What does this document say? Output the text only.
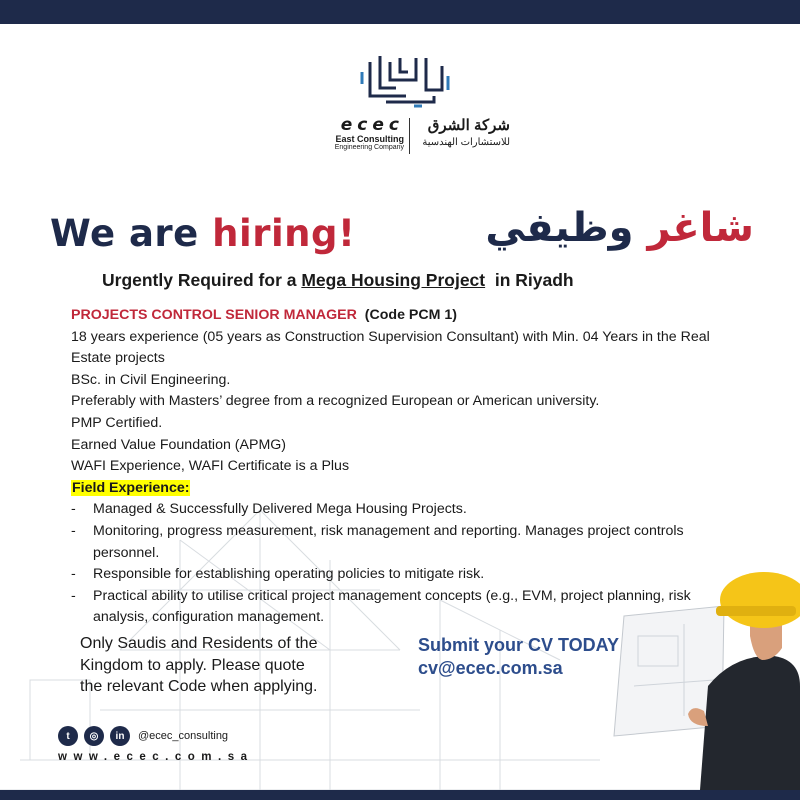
ecec
East Consulting
Engineering Company
شركة الشرق
للاستشارات الهندسية
We are hiring!	شاغر وظيفي
Urgently Required for a Mega Housing Project  in Riyadh
PROJECTS CONTROL SENIOR MANAGER  (Code PCM 1)
18 years experience (05 years as Construction Supervision Consultant) with Min. 04 Years in the Real Estate projects
BSc. in Civil Engineering.
Preferably with Masters’ degree from a recognized European or American university.
PMP Certified.
Earned Value Foundation (APMG)
WAFI Experience, WAFI Certificate is a Plus
Field Experience:
- Managed & Successfully Delivered Mega Housing Projects.
- Monitoring, progress measurement, risk management and reporting. Manages project controls personnel.
- Responsible for establishing operating policies to mitigate risk.
- Practical ability to utilise critical project management concepts (e.g., EVM, project planning, risk analysis, configuration management.
Only Saudis and Residents of the Kingdom to apply. Please quote the relevant Code when applying.
Submit your CV TODAY
cv@ecec.com.sa
t	◎	in	@ecec_consulting
www.ecec.com.sa
